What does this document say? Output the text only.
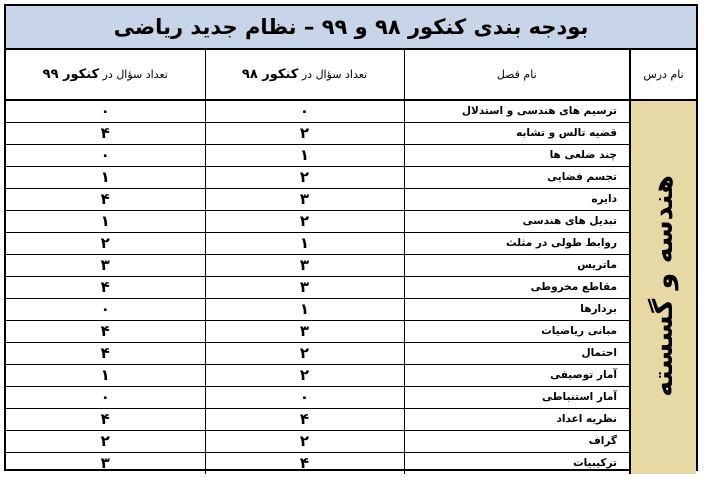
بودجه بندی کنکور ۹۸ و ۹۹ – نظام جدید ریاضی
نام درس	نام فصل	تعداد سؤال در کنکور ۹۸	تعداد سؤال در کنکور ۹۹
هندسه و گسسته	ترسیم های هندسی و استدلال	۰	۰
	قضیه تالس و تشابه	۲	۴
	چند ضلعی ها	۱	۰
	تجسم فضایی	۲	۱
	دایره	۳	۴
	تبدیل های هندسی	۲	۱
	روابط طولی در مثلث	۱	۲
	ماتریس	۳	۳
	مقاطع مخروطی	۳	۴
	بردارها	۱	۰
	مبانی ریاضیات	۳	۴
	احتمال	۲	۴
	آمار توصیفی	۲	۱
	آمار استنباطی	۰	۰
	نظریه اعداد	۴	۴
	گراف	۲	۲
	ترکیبیات	۴	۳
